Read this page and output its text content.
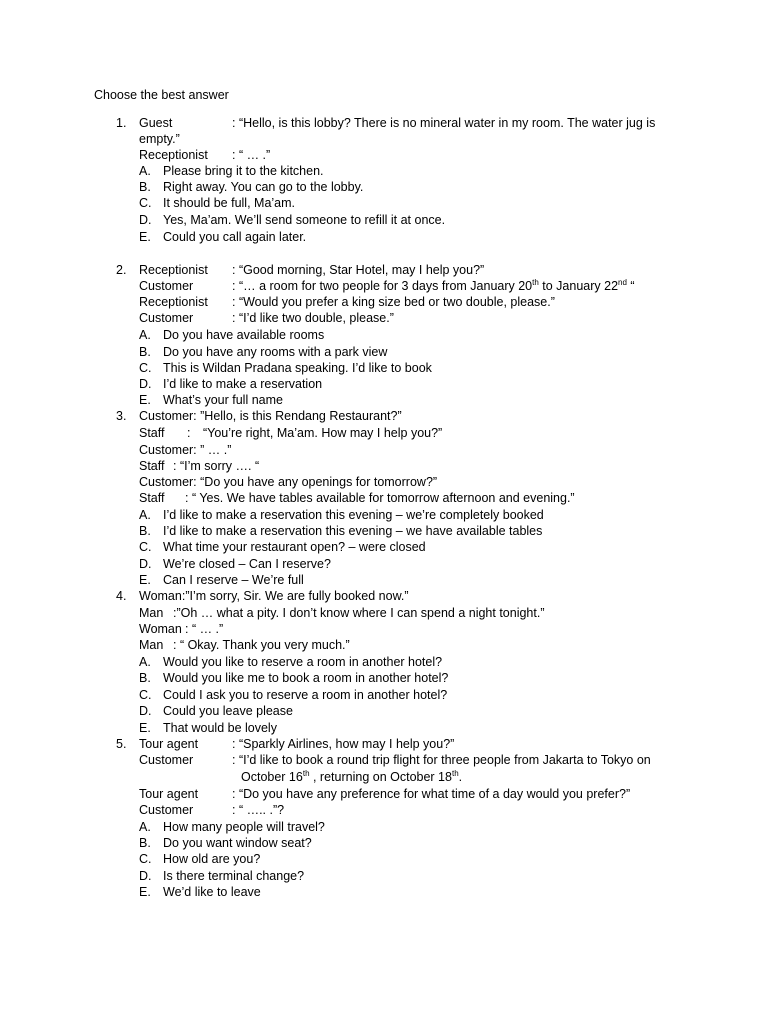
Choose the best answer
1. Guest	: “Hello, is this lobby? There is no mineral water in my room. The water jug is
empty.”
Receptionist : “ … .”
A. Please bring it to the kitchen.
B. Right away. You can go to the lobby.
C. It should be full, Ma’am.
D. Yes, Ma’am. We’ll send someone to refill it at once.
E. Could you call again later.
2. Receptionist : “Good morning, Star Hotel, may I help you?”
Customer	: “… a room for two people for 3 days from January 20th to January 22nd “
Receptionist : “Would you prefer a king size bed or two double, please.”
Customer	: “I’d like two double, please.”
A. Do you have available rooms
B. Do you have any rooms with a park view
C. This is Wildan Pradana speaking. I’d like to book
D. I’d like to make a reservation
E. What’s your full name
3. Customer: ”Hello, is this Rendang Restaurant?”
Staff : “You’re right, Ma’am. How may I help you?”
Customer: ” … .”
Staff : “I’m sorry …. “
Customer: “Do you have any openings for tomorrow?”
Staff : “ Yes. We have tables available for tomorrow afternoon and evening.”
A. I’d like to make a reservation this evening – we’re completely booked
B. I’d like to make a reservation this evening – we have available tables
C. What time your restaurant open? – were closed
D. We’re closed – Can I reserve?
E. Can I reserve – We’re full
4. Woman:”I’m sorry, Sir. We are fully booked now.”
Man :”Oh … what a pity. I don’t know where I can spend a night tonight.”
Woman : “ … .”
Man : “ Okay. Thank you very much.”
A. Would you like to reserve a room in another hotel?
B. Would you like me to book a room in another hotel?
C. Could I ask you to reserve a room in another hotel?
D. Could you leave please
E. That would be lovely
5. Tour agent	: “Sparkly Airlines, how may I help you?”
Customer	: “I’d like to book a round trip flight for three people from Jakarta to Tokyo on
October 16th , returning on October 18th.
Tour agent	: “Do you have any preference for what time of a day would you prefer?”
Customer	: “ ….. .”?
A. How many people will travel?
B. Do you want window seat?
C. How old are you?
D. Is there terminal change?
E. We’d like to leave
